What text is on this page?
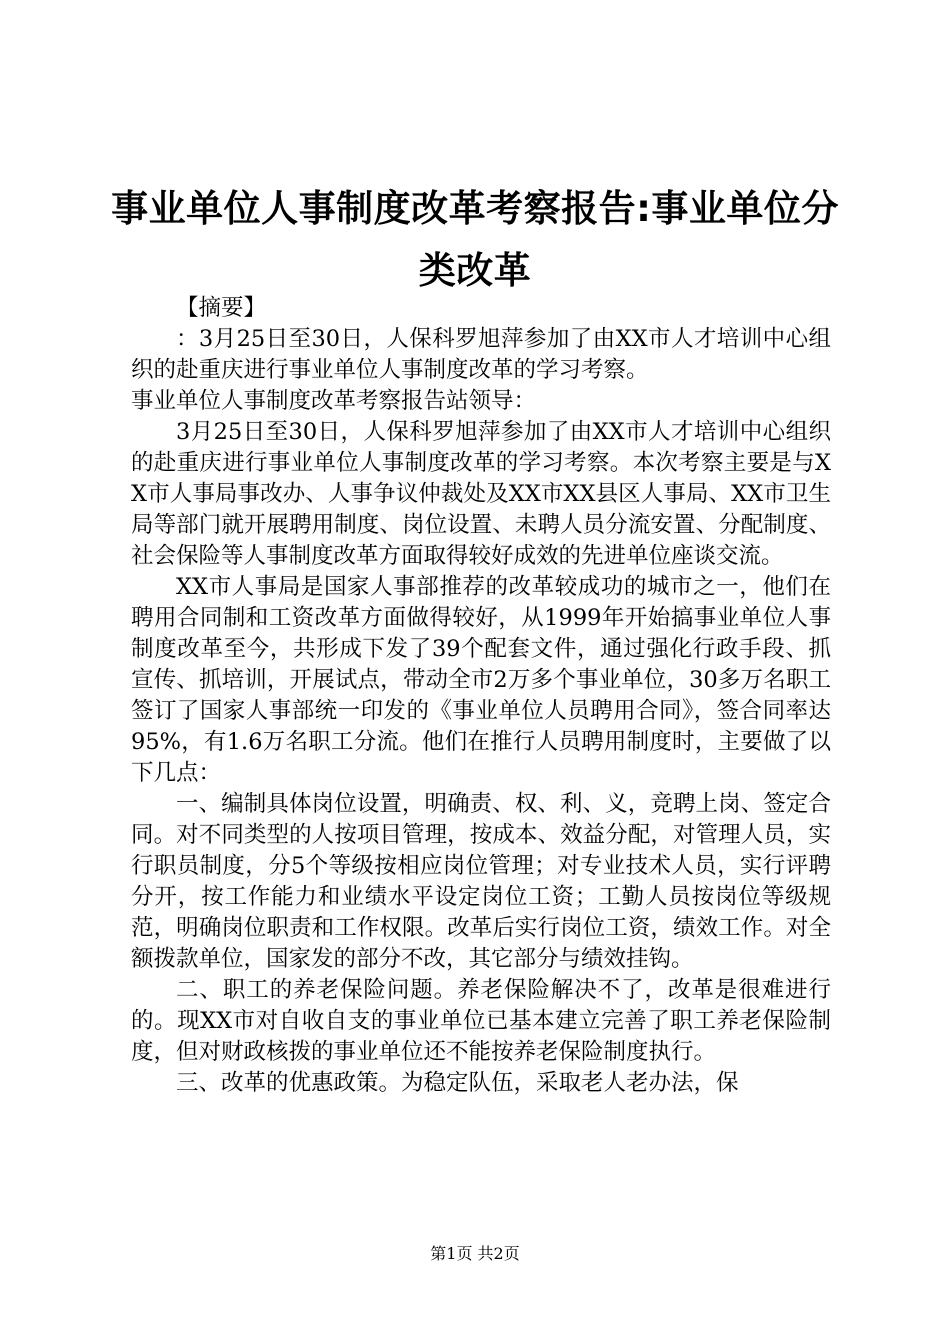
事业单位人事制度改革考察报告:事业单位分类改革

【摘要】

：3月25日至30日，人保科罗旭萍参加了由XX市人才培训中心组织的赴重庆进行事业单位人事制度改革的学习考察。

事业单位人事制度改革考察报告站领导：

3月25日至30日，人保科罗旭萍参加了由XX市人才培训中心组织的赴重庆进行事业单位人事制度改革的学习考察。本次考察主要是与XX市人事局事改办、人事争议仲裁处及XX市XX县区人事局、XX市卫生局等部门就开展聘用制度、岗位设置、未聘人员分流安置、分配制度、社会保险等人事制度改革方面取得较好成效的先进单位座谈交流。

XX市人事局是国家人事部推荐的改革较成功的城市之一，他们在聘用合同制和工资改革方面做得较好，从1999年开始搞事业单位人事制度改革至今，共形成下发了39个配套文件，通过强化行政手段、抓宣传、抓培训，开展试点，带动全市2万多个事业单位，30多万名职工签订了国家人事部统一印发的《事业单位人员聘用合同》，签合同率达95%，有1.6万名职工分流。他们在推行人员聘用制度时，主要做了以下几点：

一、编制具体岗位设置，明确责、权、利、义，竞聘上岗、签定合同。对不同类型的人按项目管理，按成本、效益分配，对管理人员，实行职员制度，分5个等级按相应岗位管理；对专业技术人员，实行评聘分开，按工作能力和业绩水平设定岗位工资；工勤人员按岗位等级规范，明确岗位职责和工作权限。改革后实行岗位工资，绩效工作。对全额拨款单位，国家发的部分不改，其它部分与绩效挂钩。

二、职工的养老保险问题。养老保险解决不了，改革是很难进行的。现XX市对自收自支的事业单位已基本建立完善了职工养老保险制度，但对财政核拨的事业单位还不能按养老保险制度执行。

三、改革的优惠政策。为稳定队伍，采取老人老办法，保

第1页 共2页
